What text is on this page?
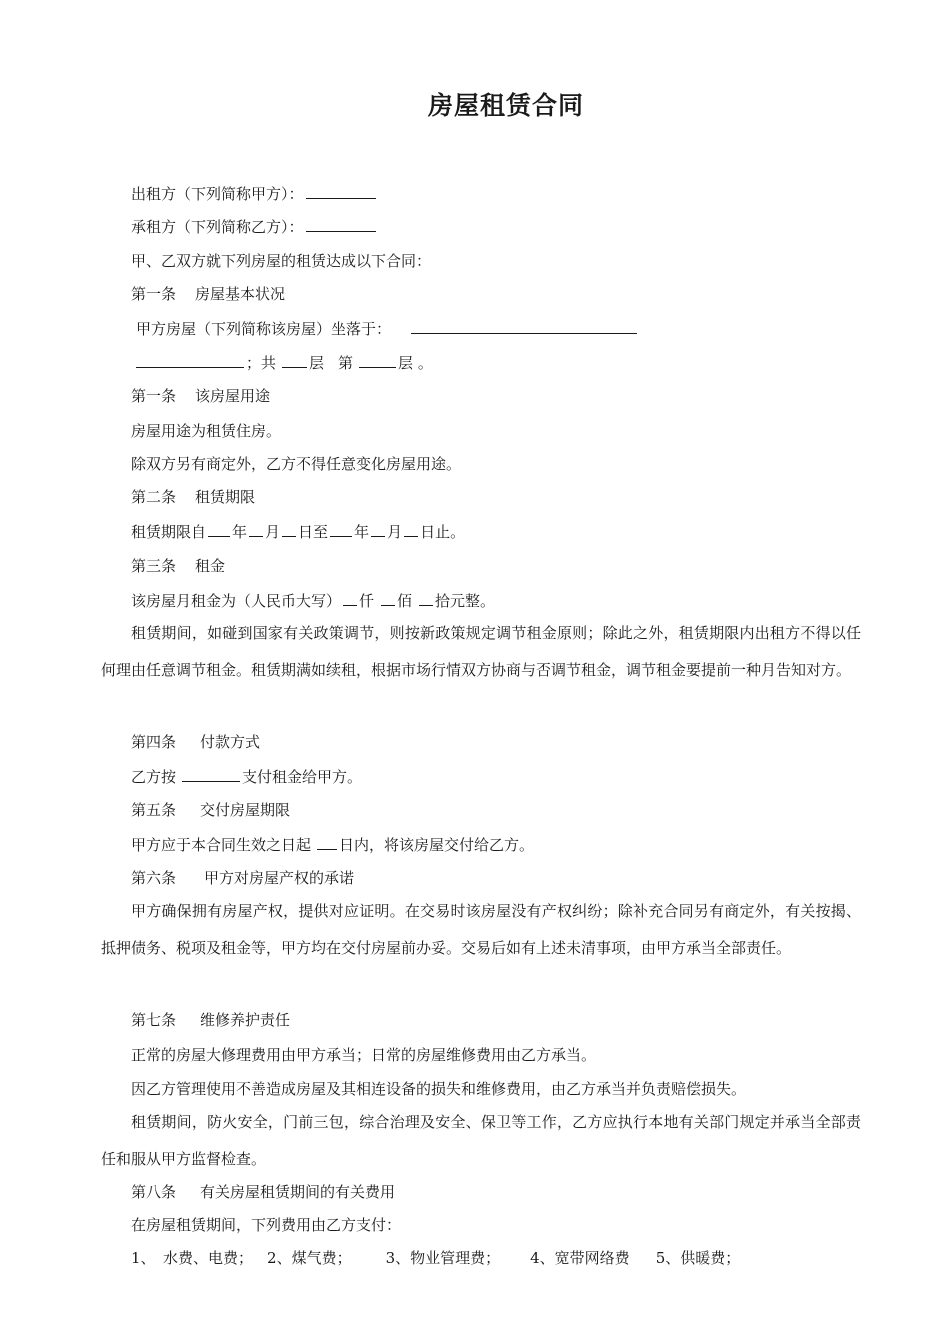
房屋租赁合同
出租方（下列简称甲方）：
承租方（下列简称乙方）：
甲、乙双方就下列房屋的租赁达成以下合同：
第一条 房屋基本状况
甲方房屋（下列简称该房屋）坐落于：
；共 层 第	层 。
第一条 该房屋用途
房屋用途为租赁住房。
除双方另有商定外，乙方不得任意变化房屋用途。
第二条 租赁期限
租赁期限自 年 月 日至 年 月 日止。
第三条 租金
该房屋月租金为（人民币大写） 仟 佰 拾元整。
租赁期间，如碰到国家有关政策调节，则按新政策规定调节租金原则；除此之外，租赁期限内出租方不得以任何理由任意调节租金。租赁期满如续租，根据市场行情双方协商与否调节租金，调节租金要提前一种月告知对方。
第四条 付款方式
乙方按	支付租金给甲方。
第五条 交付房屋期限
甲方应于本合同生效之日起 日内，将该房屋交付给乙方。
第六条 甲方对房屋产权的承诺
甲方确保拥有房屋产权，提供对应证明。在交易时该房屋没有产权纠纷；除补充合同另有商定外，有关按揭、抵押债务、税项及租金等，甲方均在交付房屋前办妥。交易后如有上述未清事项，由甲方承当全部责任。
第七条 维修养护责任
正常的房屋大修理费用由甲方承当；日常的房屋维修费用由乙方承当。
因乙方管理使用不善造成房屋及其相连设备的损失和维修费用，由乙方承当并负责赔偿损失。
租赁期间，防火安全，门前三包，综合治理及安全、保卫等工作，乙方应执行本地有关部门规定并承当全部责任和服从甲方监督检查。
第八条 有关房屋租赁期间的有关费用
在房屋租赁期间，下列费用由乙方支付：
1、　水费、电费； 2、煤气费； 3、物业管理费； 4、宽带网络费 5、供暖费；
